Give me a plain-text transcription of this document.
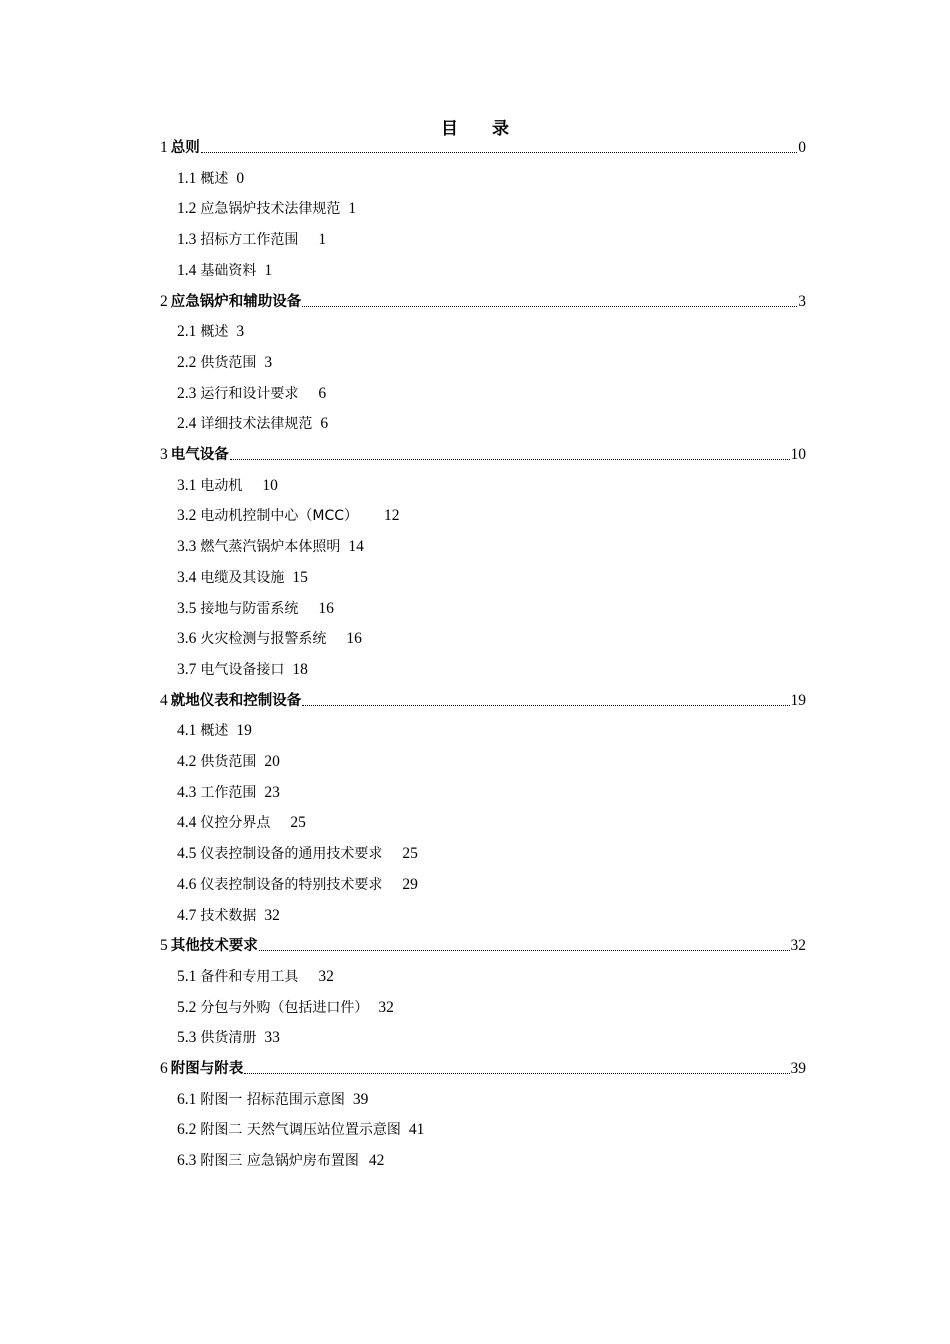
目 录
1 总则	0
1.1 概述 0
1.2 应急锅炉技术法律规范 1
1.3 招标方工作范围 1
1.4 基础资料 1
2 应急锅炉和辅助设备	3
2.1 概述 3
2.2 供货范围 3
2.3 运行和设计要求 6
2.4 详细技术法律规范 6
3 电气设备	10
3.1 电动机 10
3.2 电动机控制中心（MCC） 12
3.3 燃气蒸汽锅炉本体照明 14
3.4 电缆及其设施 15
3.5 接地与防雷系统 16
3.6 火灾检测与报警系统 16
3.7 电气设备接口 18
4 就地仪表和控制设备	19
4.1 概述 19
4.2 供货范围 20
4.3 工作范围 23
4.4 仪控分界点 25
4.5 仪表控制设备的通用技术要求 25
4.6 仪表控制设备的特别技术要求 29
4.7 技术数据 32
5 其他技术要求	32
5.1 备件和专用工具 32
5.2 分包与外购（包括进口件） 32
5.3 供货清册 33
6 附图与附表	39
6.1 附图一 招标范围示意图 39
6.2 附图二 天然气调压站位置示意图 41
6.3 附图三 应急锅炉房布置图 42
